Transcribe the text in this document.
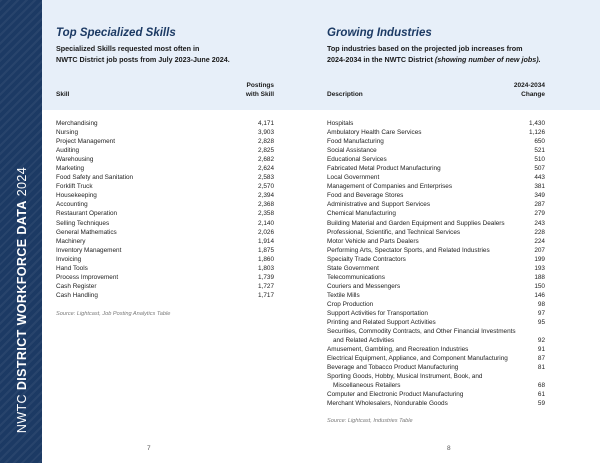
NWTC DISTRICT WORKFORCE DATA 2024
Top Specialized Skills
Specialized Skills requested most often in
NWTC District job posts from July 2023-June 2024.
Skill
Postings
with Skill
Merchandising	4,171
Nursing	3,903
Project Management	2,828
Auditing	2,825
Warehousing	2,682
Marketing	2,624
Food Safety and Sanitation	2,583
Forklift Truck	2,570
Housekeeping	2,394
Accounting	2,368
Restaurant Operation	2,358
Selling Techniques	2,140
General Mathematics	2,026
Machinery	1,914
Inventory Management	1,875
Invoicing	1,860
Hand Tools	1,803
Process Improvement	1,739
Cash Register	1,727
Cash Handling	1,717
Source: Lightcast, Job Posting Analytics Table
7
Growing Industries
Top industries based on the projected job increases from
2024-2034 in the NWTC District (showing number of new jobs).
Description
2024-2034
Change
Hospitals	1,430
Ambulatory Health Care Services	1,126
Food Manufacturing	650
Social Assistance	521
Educational Services	510
Fabricated Metal Product Manufacturing	507
Local Government	443
Management of Companies and Enterprises	381
Food and Beverage Stores	349
Administrative and Support Services	287
Chemical Manufacturing	279
Building Material and Garden Equipment and Supplies Dealers	243
Professional, Scientific, and Technical Services	228
Motor Vehicle and Parts Dealers	224
Performing Arts, Spectator Sports, and Related Industries	207
Specialty Trade Contractors	199
State Government	193
Telecommunications	188
Couriers and Messengers	150
Textile Mills	146
Crop Production	98
Support Activities for Transportation	97
Printing and Related Support Activities	95
Securities, Commodity Contracts, and Other Financial Investments
and Related Activities	92
Amusement, Gambling, and Recreation Industries	91
Electrical Equipment, Appliance, and Component Manufacturing	87
Beverage and Tobacco Product Manufacturing	81
Sporting Goods, Hobby, Musical Instrument, Book, and
Miscellaneous Retailers	68
Computer and Electronic Product Manufacturing	61
Merchant Wholesalers, Nondurable Goods	59
Source: Lightcast, Industries Table
8
